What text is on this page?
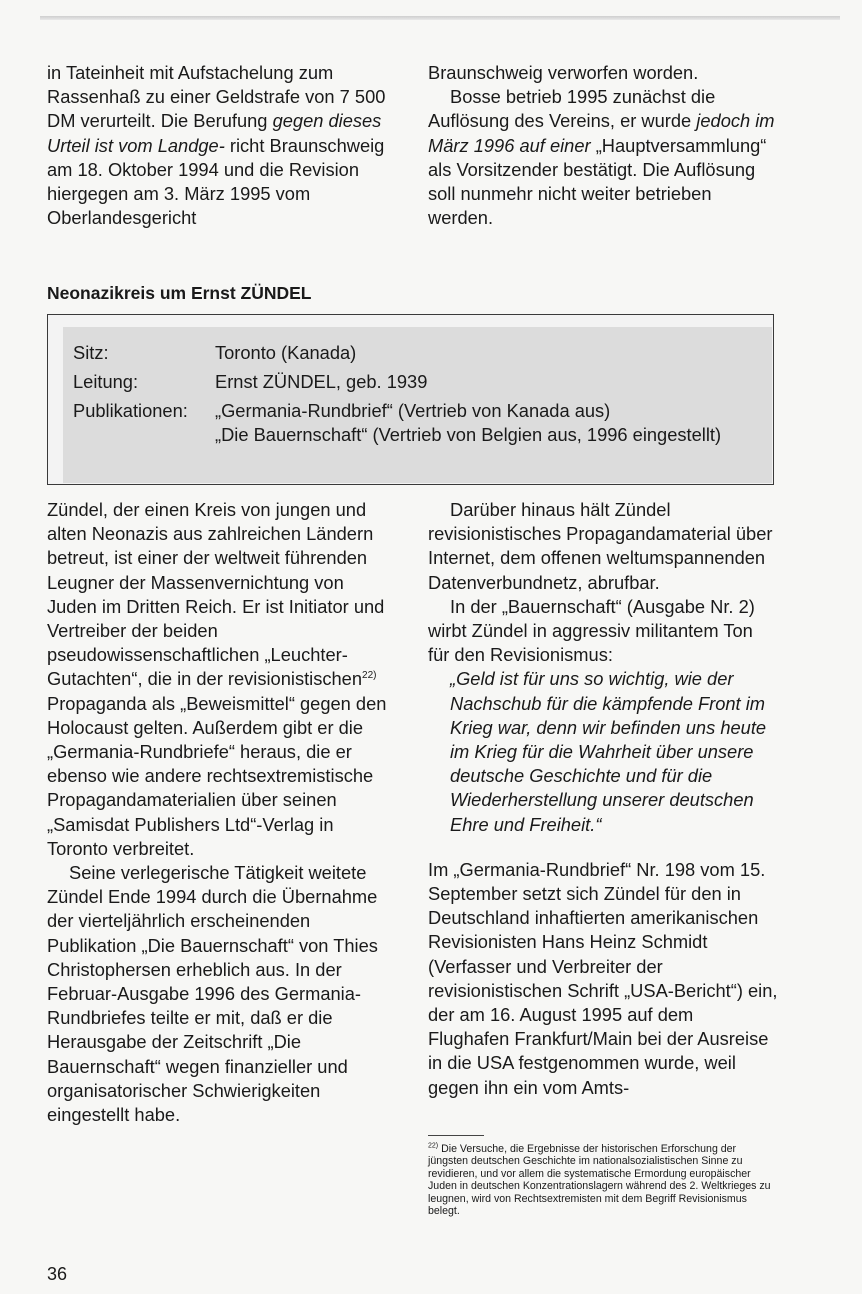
in Tateinheit mit Aufstachelung zum Rassenhaß zu einer Geldstrafe von 7 500 DM verurteilt. Die Berufung gegen dieses Urteil ist vom Landge- richt Braunschweig am 18. Oktober 1994 und die Revision hiergegen am 3. März 1995 vom Oberlandesgericht

Braunschweig verworfen worden.

Bosse betrieb 1995 zunächst die Auflösung des Vereins, er wurde jedoch im März 1996 auf einer „Hauptversammlung“ als Vorsitzender bestätigt. Die Auflösung soll nunmehr nicht weiter betrieben werden.

Neonazikreis um Ernst ZÜNDEL
Sitz:	Toronto (Kanada)
Leitung:	Ernst ZÜNDEL, geb. 1939
Publikationen: „Germania-Rundbrief“ (Vertrieb von Kanada aus)
„Die Bauernschaft“ (Vertrieb von Belgien aus, 1996 eingestellt)

Zündel, der einen Kreis von jungen und alten Neonazis aus zahlreichen Ländern betreut, ist einer der weltweit führenden Leugner der Massenvernichtung von Juden im Dritten Reich. Er ist Initiator und Vertreiber der beiden pseudowissenschaftlichen „Leuchter-Gutachten“, die in der revisionistischen$^{22)}$ Propaganda als „Beweismittel“ gegen den Holocaust gelten. Außerdem gibt er die „Germania-Rundbriefe“ heraus, die er ebenso wie andere rechtsextremistische Propagandamaterialien über seinen „Samisdat Publishers Ltd“-Verlag in Toronto verbreitet.

Seine verlegerische Tätigkeit weitete Zündel Ende 1994 durch die Übernahme der vierteljährlich erscheinenden Publikation „Die Bauernschaft“ von Thies Christophersen erheblich aus. In der Februar-Ausgabe 1996 des Germania-Rundbriefes teilte er mit, daß er die Herausgabe der Zeitschrift „Die Bauernschaft“ wegen finanzieller und organisatorischer Schwierigkeiten eingestellt habe.

Darüber hinaus hält Zündel revisionistisches Propagandamaterial über Internet, dem offenen weltumspannenden Datenverbundnetz, abrufbar.

In der „Bauernschaft“ (Ausgabe Nr. 2) wirbt Zündel in aggressiv militantem Ton für den Revisionismus:

„Geld ist für uns so wichtig, wie der Nachschub für die kämpfende Front im Krieg war, denn wir befinden uns heute im Krieg für die Wahrheit über unsere deutsche Geschichte und für die Wiederherstellung unserer deutschen Ehre und Freiheit.“

Im „Germania-Rundbrief“ Nr. 198 vom 15. September setzt sich Zündel für den in Deutschland inhaftierten amerikanischen Revisionisten Hans Heinz Schmidt (Verfasser und Verbreiter der revisionistischen Schrift „USA-Bericht“) ein, der am 16. August 1995 auf dem Flughafen Frankfurt/Main bei der Ausreise in die USA festgenommen wurde, weil gegen ihn ein vom Amts-

$^{22)}$ Die Versuche, die Ergebnisse der historischen Erforschung der jüngsten deutschen Geschichte im nationalsozialistischen Sinne zu revidieren, und vor allem die systematische Ermordung europäischer Juden in deutschen Konzentrationslagern während des 2. Weltkrieges zu leugnen, wird von Rechtsextremisten mit dem Begriff Revisionismus belegt.

36
